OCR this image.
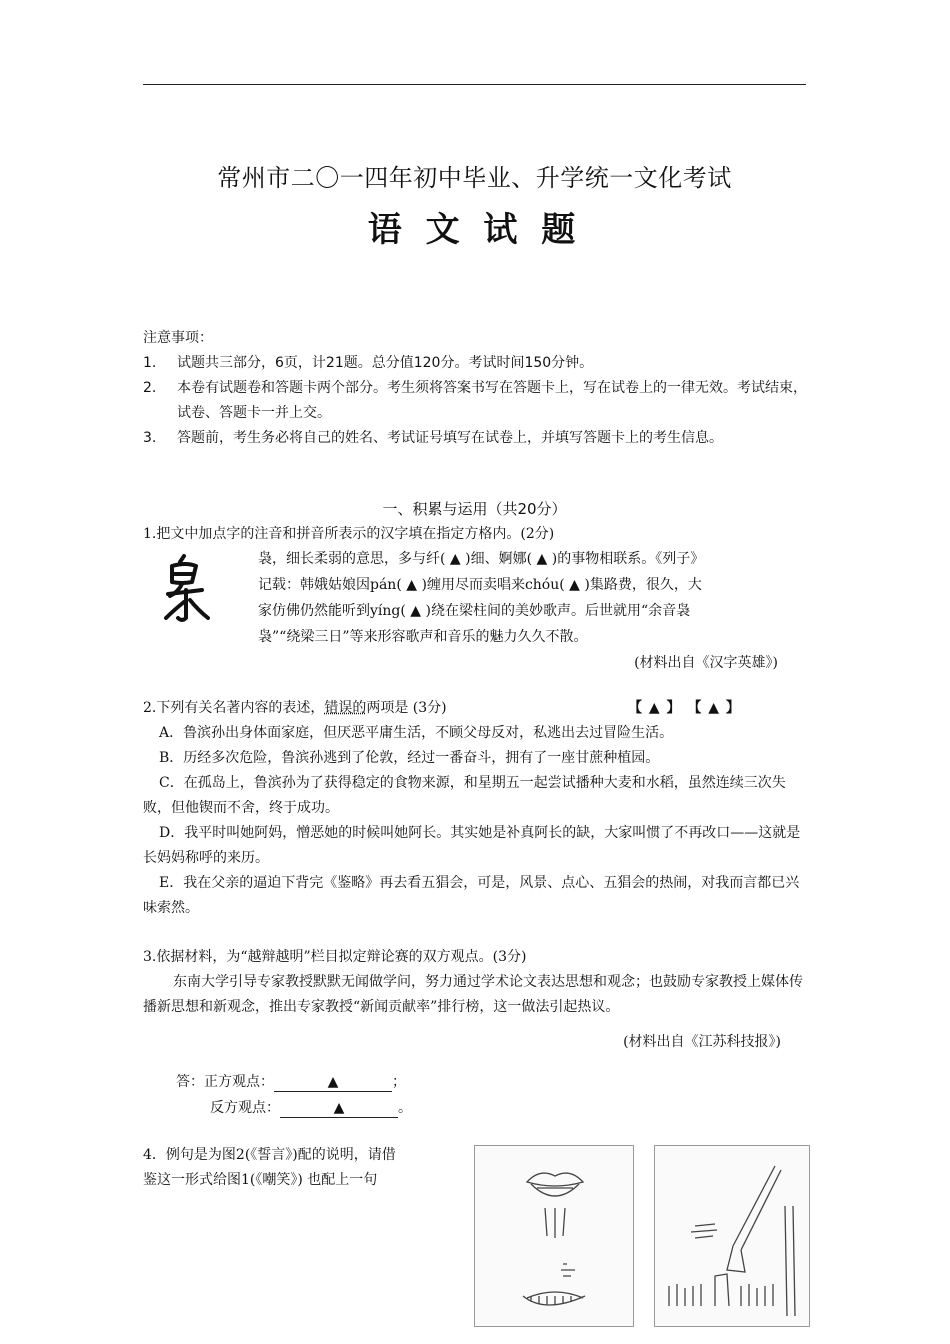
常州市二〇一四年初中毕业、升学统一文化考试
语 文 试 题
注意事项：
1.	试题共三部分，6页，计21题。总分值120分。考试时间150分钟。
2.	本卷有试题卷和答题卡两个部分。考生须将答案书写在答题卡上，写在试卷上的一律无效。考试结束，试卷、答题卡一并上交。
3.	答题前，考生务必将自己的姓名、考试证号填写在试卷上，并填写答题卡上的考生信息。
一、积累与运用（共20分）
1.把文中加点字的注音和拼音所表示的汉字填在指定方格内。(2分)
袅，细长柔弱的意思，多与纤( ▲ )细、婀娜( ▲ )的事物相联系。《列子》
记载：韩娥姑娘因pán( ▲ )缠用尽而卖唱来chóu( ▲ )集路费，很久，大
家仿佛仍然能听到yíng( ▲ )绕在梁柱间的美妙歌声。后世就用“余音袅
袅”“绕梁三日”等来形容歌声和音乐的魅力久久不散。
(材料出自《汉字英雄》)

2.下列有关名著内容的表述，错误的两项是 (3分)

A．鲁滨孙出身体面家庭，但厌恶平庸生活，不顾父母反对，私逃出去过冒险生活。

B．历经多次危险，鲁滨孙逃到了伦敦，经过一番奋斗，拥有了一座甘蔗种植园。

C．在孤岛上，鲁滨孙为了获得稳定的食物来源，和星期五一起尝试播种大麦和水稻，虽然连续三次失败，但他锲而不舍，终于成功。

D．我平时叫她阿妈，憎恶她的时候叫她阿长。其实她是补真阿长的缺，大家叫惯了不再改口——这就是长妈妈称呼的来历。

E．我在父亲的逼迫下背完《鉴略》再去看五猖会，可是，风景、点心、五猖会的热闹，对我而言都已兴味索然。

【 ▲ 】 【 ▲ 】

3.依据材料，为“越辩越明”栏目拟定辩论赛的双方观点。(3分)

东南大学引导专家教授默默无闻做学问，努力通过学术论文表达思想和观念；也鼓励专家教授上媒体传播新思想和新观念，推出专家教授“新闻贡献率”排行榜，这一做法引起热议。

(材料出自《江苏科技报》)

答：正方观点：	▲	；
反方观点：	▲	。

4．例句是为图2(《誓言》)配的说明，请借

鉴这一形式给图1(《嘲笑》) 也配上一句
